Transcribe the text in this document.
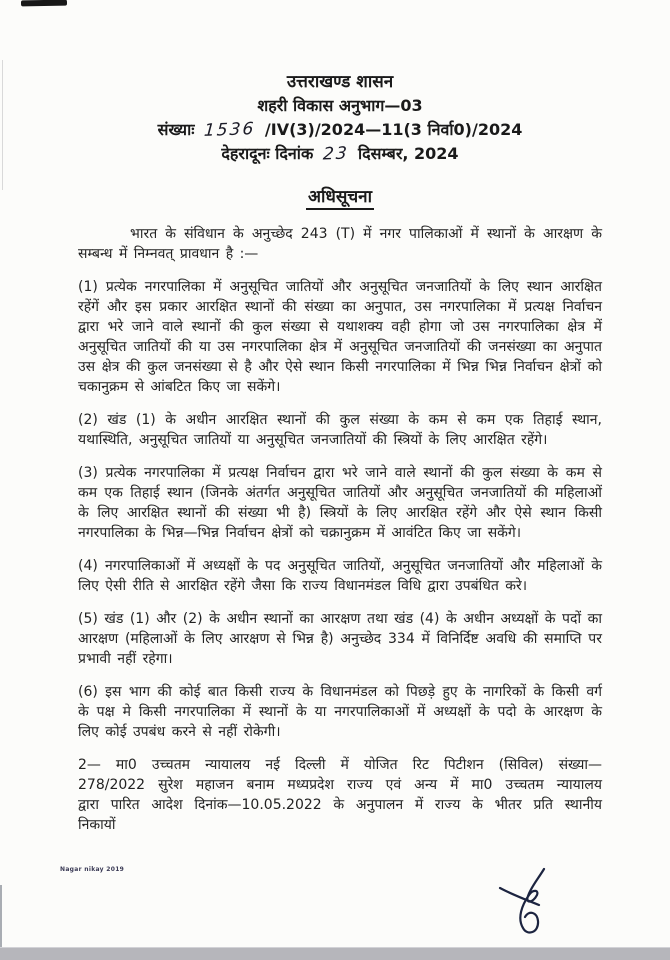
उत्तराखण्ड शासन
शहरी विकास अनुभाग—03
संख्याः 1536 /IV(3)/2024—11(3 निर्वा0)/2024
देहरादूनः दिनांक 23 दिसम्बर, 2024
अधिसूचना

भारत के संविधान के अनुच्छेद 243 (T) में नगर पालिकाओं में स्थानों के आरक्षण के सम्बन्ध में निम्नवत् प्रावधान है :—

(1) प्रत्येक नगरपालिका में अनुसूचित जातियों और अनुसूचित जनजातियों के लिए स्थान आरक्षित रहेंगें और इस प्रकार आरक्षित स्थानों की संख्या का अनुपात, उस नगरपालिका में प्रत्यक्ष निर्वाचन द्वारा भरे जाने वाले स्थानों की कुल संख्या से यथाशक्य वही होगा जो उस नगरपालिका क्षेत्र में अनुसूचित जातियों की या उस नगरपालिका क्षेत्र में अनुसूचित जनजातियों की जनसंख्या का अनुपात उस क्षेत्र की कुल जनसंख्या से है और ऐसे स्थान किसी नगरपालिका में भिन्न भिन्न निर्वाचन क्षेत्रों को चकानुक्रम से आंबटित किए जा सकेंगे।

(2) खंड (1) के अधीन आरक्षित स्थानों की कुल संख्या के कम से कम एक तिहाई स्थान, यथास्थिति, अनुसूचित जातियों या अनुसूचित जनजातियों की स्त्रियों के लिए आरक्षित रहेंगे।

(3) प्रत्येक नगरपालिका में प्रत्यक्ष निर्वाचन द्वारा भरे जाने वाले स्थानों की कुल संख्या के कम से कम एक तिहाई स्थान (जिनके अंतर्गत अनुसूचित जातियों और अनुसूचित जनजातियों की महिलाओं के लिए आरक्षित स्थानों की संख्या भी है) स्त्रियों के लिए आरक्षित रहेंगे और ऐसे स्थान किसी नगरपालिका के भिन्न—भिन्न निर्वाचन क्षेत्रों को चक्रानुक्रम में आवंटित किए जा सकेंगे।

(4) नगरपालिकाओं में अध्यक्षों के पद अनुसूचित जातियों, अनुसूचित जनजातियों और महिलाओं के लिए ऐसी रीति से आरक्षित रहेंगे जैसा कि राज्य विधानमंडल विधि द्वारा उपबंधित करे।

(5) खंड (1) और (2) के अधीन स्थानों का आरक्षण तथा खंड (4) के अधीन अध्यक्षों के पदों का आरक्षण (महिलाओं के लिए आरक्षण से भिन्न है) अनुच्छेद 334 में विनिर्दिष्ट अवधि की समाप्ति पर प्रभावी नहीं रहेगा।

(6) इस भाग की कोई बात किसी राज्य के विधानमंडल को पिछड़े हुए के नागरिकों के किसी वर्ग के पक्ष मे किसी नगरपालिका में स्थानों के या नगरपालिकाओं में अध्यक्षों के पदो के आरक्षण के लिए कोई उपबंध करने से नहीं रोकेगी।

2— मा0 उच्चतम न्यायालय नई दिल्ली में योजित रिट पिटीशन (सिविल) संख्या—278/2022 सुरेश महाजन बनाम मध्यप्रदेश राज्य एवं अन्य में मा0 उच्चतम न्यायालय द्वारा पारित आदेश दिनांक—10.05.2022 के अनुपालन में राज्य के भीतर प्रति स्थानीय निकायों

Nagar nikay 2019
